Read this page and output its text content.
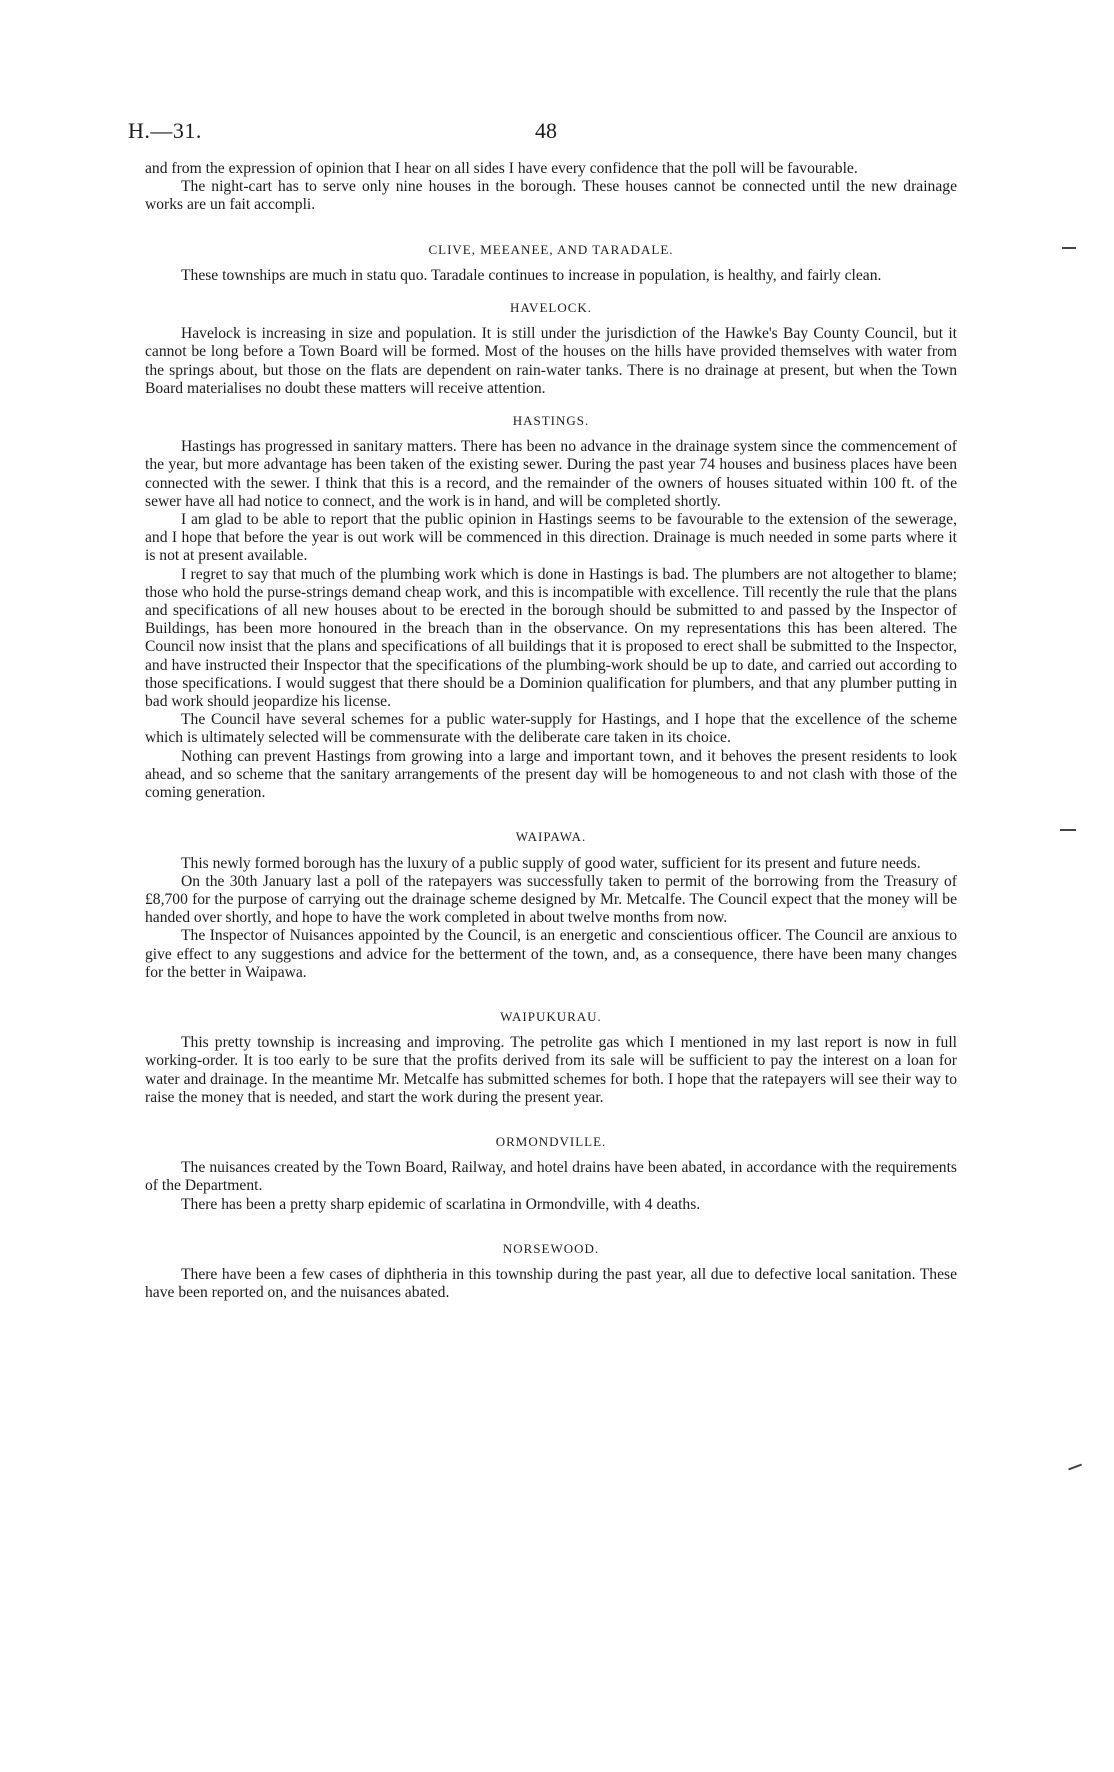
H.—31.	48

and from the expression of opinion that I hear on all sides I have every confidence that the poll will be favourable.

The night-cart has to serve only nine houses in the borough. These houses cannot be connected until the new drainage works are un fait accompli.

CLIVE, MEEANEE, AND TARADALE.

These townships are much in statu quo. Taradale continues to increase in population, is healthy, and fairly clean.

HAVELOCK.

Havelock is increasing in size and population. It is still under the jurisdiction of the Hawke's Bay County Council, but it cannot be long before a Town Board will be formed. Most of the houses on the hills have provided themselves with water from the springs about, but those on the flats are dependent on rain-water tanks. There is no drainage at present, but when the Town Board materialises no doubt these matters will receive attention.

HASTINGS.

Hastings has progressed in sanitary matters. There has been no advance in the drainage system since the commencement of the year, but more advantage has been taken of the existing sewer. During the past year 74 houses and business places have been connected with the sewer. I think that this is a record, and the remainder of the owners of houses situated within 100 ft. of the sewer have all had notice to connect, and the work is in hand, and will be completed shortly.

I am glad to be able to report that the public opinion in Hastings seems to be favourable to the extension of the sewerage, and I hope that before the year is out work will be commenced in this direction. Drainage is much needed in some parts where it is not at present available.

I regret to say that much of the plumbing work which is done in Hastings is bad. The plumbers are not altogether to blame; those who hold the purse-strings demand cheap work, and this is incompatible with excellence. Till recently the rule that the plans and specifications of all new houses about to be erected in the borough should be submitted to and passed by the Inspector of Buildings, has been more honoured in the breach than in the observance. On my representations this has been altered. The Council now insist that the plans and specifications of all buildings that it is proposed to erect shall be submitted to the Inspector, and have instructed their Inspector that the specifications of the plumbing-work should be up to date, and carried out according to those specifications. I would suggest that there should be a Dominion qualification for plumbers, and that any plumber putting in bad work should jeopardize his license.

The Council have several schemes for a public water-supply for Hastings, and I hope that the excellence of the scheme which is ultimately selected will be commensurate with the deliberate care taken in its choice.

Nothing can prevent Hastings from growing into a large and important town, and it behoves the present residents to look ahead, and so scheme that the sanitary arrangements of the present day will be homogeneous to and not clash with those of the coming generation.

WAIPAWA.

This newly formed borough has the luxury of a public supply of good water, sufficient for its present and future needs.

On the 30th January last a poll of the ratepayers was successfully taken to permit of the borrowing from the Treasury of £8,700 for the purpose of carrying out the drainage scheme designed by Mr. Metcalfe. The Council expect that the money will be handed over shortly, and hope to have the work completed in about twelve months from now.

The Inspector of Nuisances appointed by the Council, is an energetic and conscientious officer. The Council are anxious to give effect to any suggestions and advice for the betterment of the town, and, as a consequence, there have been many changes for the better in Waipawa.

WAIPUKURAU.

This pretty township is increasing and improving. The petrolite gas which I mentioned in my last report is now in full working-order. It is too early to be sure that the profits derived from its sale will be sufficient to pay the interest on a loan for water and drainage. In the meantime Mr. Metcalfe has submitted schemes for both. I hope that the ratepayers will see their way to raise the money that is needed, and start the work during the present year.

ORMONDVILLE.

The nuisances created by the Town Board, Railway, and hotel drains have been abated, in accordance with the requirements of the Department.

There has been a pretty sharp epidemic of scarlatina in Ormondville, with 4 deaths.

NORSEWOOD.

There have been a few cases of diphtheria in this township during the past year, all due to defective local sanitation. These have been reported on, and the nuisances abated.
